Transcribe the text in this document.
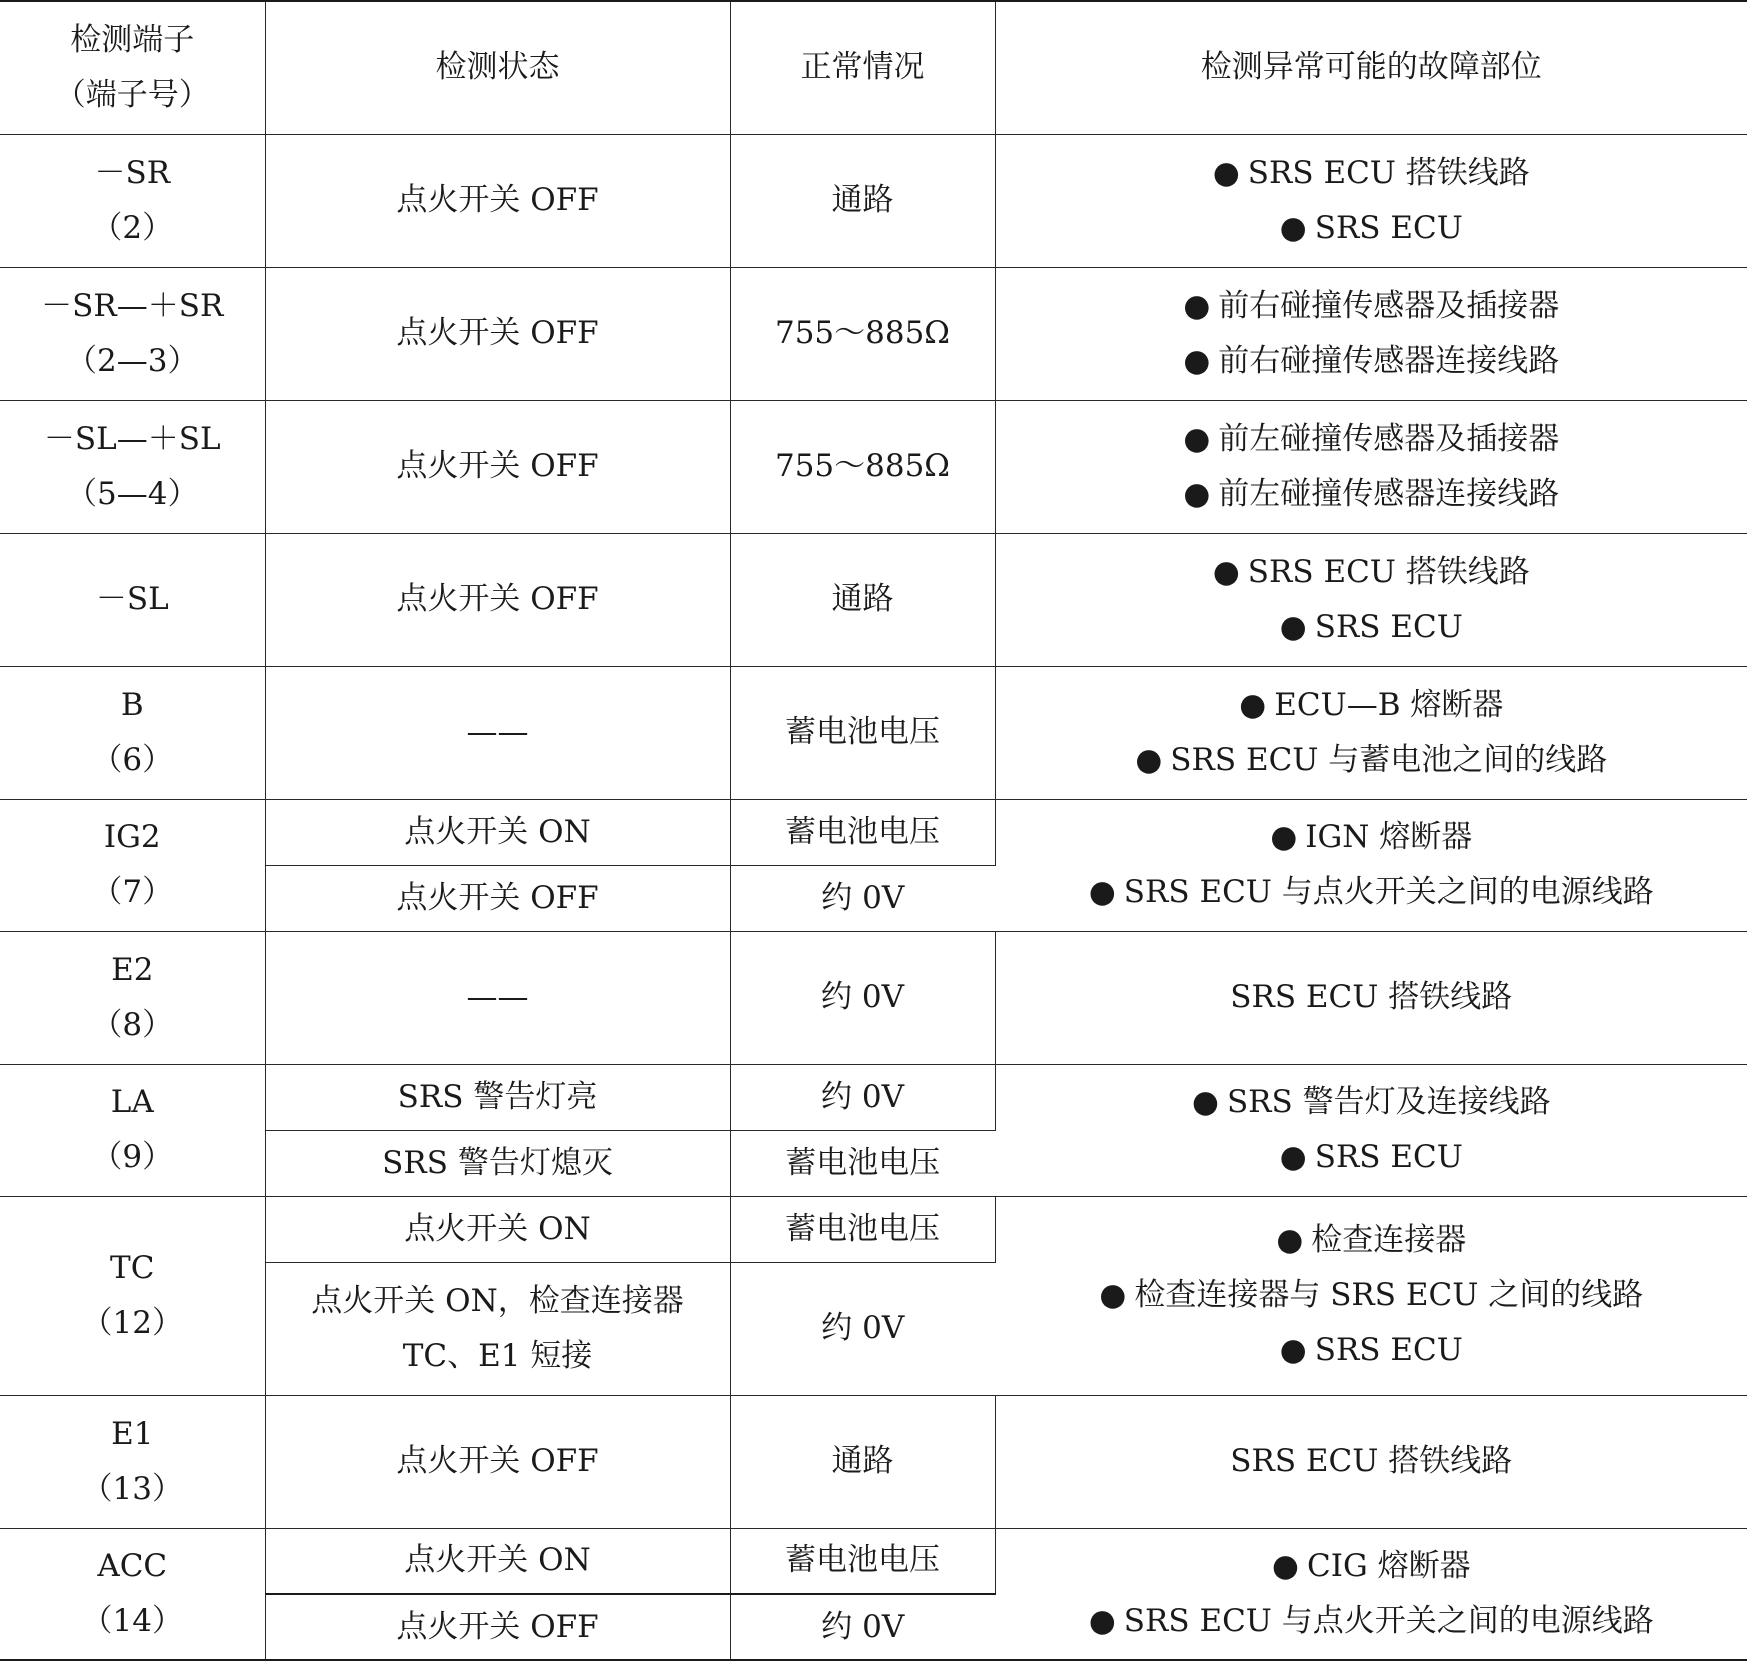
检测端子
（端子号）	检测状态	正常情况	检测异常可能的故障部位

－SR
（2）	点火开关 OFF	通路	● SRS ECU 搭铁线路
● SRS ECU

－SR—＋SR
（2—3）	点火开关 OFF	755～885Ω	● 前右碰撞传感器及插接器
● 前右碰撞传感器连接线路

－SL—＋SL
（5—4）	点火开关 OFF	755～885Ω	● 前左碰撞传感器及插接器
● 前左碰撞传感器连接线路

－SL	点火开关 OFF	通路	● SRS ECU 搭铁线路
● SRS ECU

B
（6）	——	蓄电池电压	● ECU—B 熔断器
● SRS ECU 与蓄电池之间的线路

IG2
（7）	点火开关 ON	蓄电池电压	● IGN 熔断器
● SRS ECU 与点火开关之间的电源线路

	点火开关 OFF	约 0V	

E2
（8）	——	约 0V	SRS ECU 搭铁线路

LA
（9）	SRS 警告灯亮	约 0V	● SRS 警告灯及连接线路
● SRS ECU

	SRS 警告灯熄灭	蓄电池电压	

TC
（12）	点火开关 ON	蓄电池电压	● 检查连接器
● 检查连接器与 SRS ECU 之间的线路
● SRS ECU

	点火开关 ON，检查连接器
TC、E1 短接	约 0V	

E1
（13）	点火开关 OFF	通路	SRS ECU 搭铁线路

ACC
（14）	点火开关 ON	蓄电池电压	● CIG 熔断器
● SRS ECU 与点火开关之间的电源线路

	点火开关 OFF	约 0V	
